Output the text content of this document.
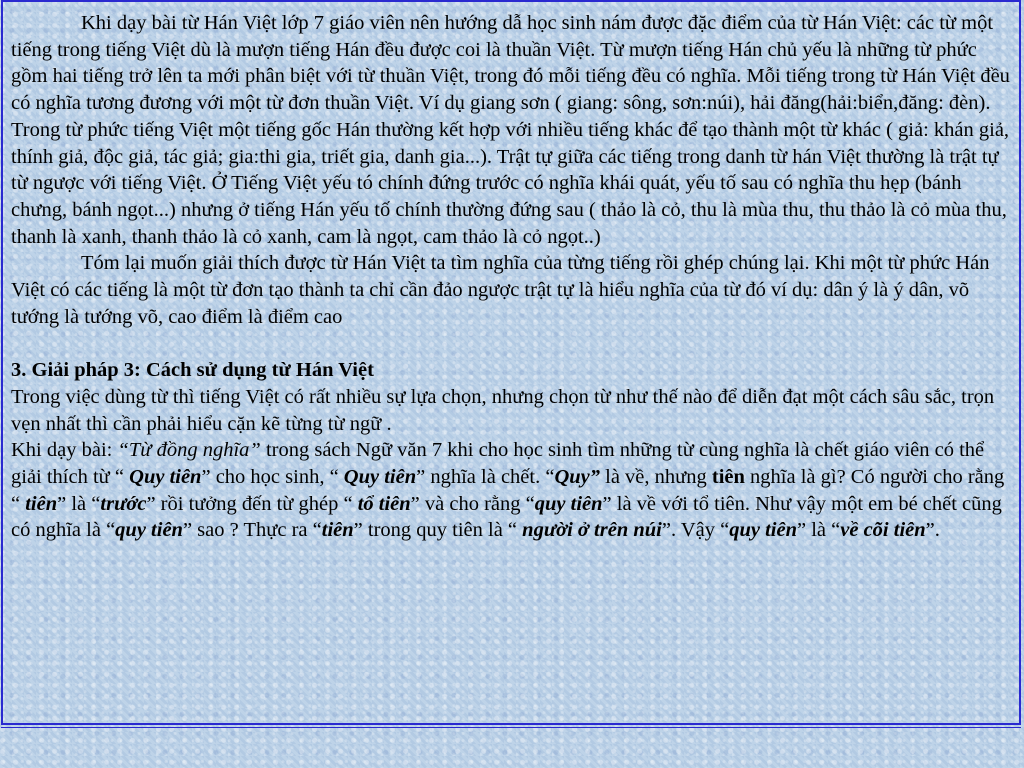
Khi dạy bài từ Hán Việt lớp 7 giáo viên nên hướng dẫ học sinh nám được đặc điểm của từ Hán Việt: các từ một tiếng trong tiếng Việt dù là mượn tiếng Hán đều được coi là thuần Việt. Từ mượn tiếng Hán chủ yếu là những từ phức gồm hai tiếng trở lên ta mới phân biệt với từ thuần Việt, trong đó mỗi tiếng đều có nghĩa. Mỗi tiếng trong từ Hán Việt đều có nghĩa tương đương với một từ đơn thuần Việt. Ví dụ giang sơn ( giang: sông, sơn:núi), hải đăng(hải:biển,đăng: đèn). Trong từ phức tiếng Việt một tiếng gốc Hán thường kết hợp với nhiều tiếng khác để tạo thành một từ khác ( giả: khán giả, thính giả, độc giả, tác giả; gia:thi gia, triết gia, danh gia...). Trật tự giữa các tiếng trong danh từ hán Việt thường là trật tự từ ngược với tiếng Việt. Ở Tiếng Việt yếu tó chính đứng trước có nghĩa khái quát, yếu tố sau có nghĩa thu hẹp (bánh chưng, bánh ngọt...) nhưng ở tiếng Hán yếu tố chính thường đứng sau ( thảo là cỏ, thu là mùa thu, thu thảo là cỏ mùa thu, thanh là xanh, thanh thảo là cỏ xanh, cam là ngọt, cam thảo là cỏ ngọt..)

Tóm lại muốn giải thích được từ Hán Việt ta tìm nghĩa của từng tiếng rồi ghép chúng lại. Khi một từ phức Hán Việt có các tiếng là một từ đơn tạo thành ta chỉ cần đảo ngược trật tự là hiểu nghĩa của từ đó ví dụ: dân ý là ý dân, võ tướng là tướng võ, cao điểm là điểm cao

3. Giải pháp 3: Cách sử dụng từ Hán Việt

Trong việc dùng từ thì tiếng Việt có rất nhiều sự lựa chọn, nhưng chọn từ như thế nào để diễn đạt một cách sâu sắc, trọn vẹn nhất thì cần phải hiểu cặn kẽ từng từ ngữ .

Khi dạy bài: “Từ đồng nghĩa” trong sách Ngữ văn 7 khi cho học sinh tìm những từ cùng nghĩa là chết giáo viên có thể giải thích từ “ Quy tiên” cho học sinh, “ Quy tiên” nghĩa là chết. “Quy” là về, nhưng tiên nghĩa là gì? Có người cho rằng “ tiên” là “trước” rồi tưởng đến từ ghép “ tổ tiên” và cho rằng “quy tiên” là về với tổ tiên. Như vậy một em bé chết cũng có nghĩa là “quy tiên” sao ? Thực ra “tiên” trong quy tiên là “ người ở trên núi”. Vậy “quy tiên” là “về cõi tiên”.
